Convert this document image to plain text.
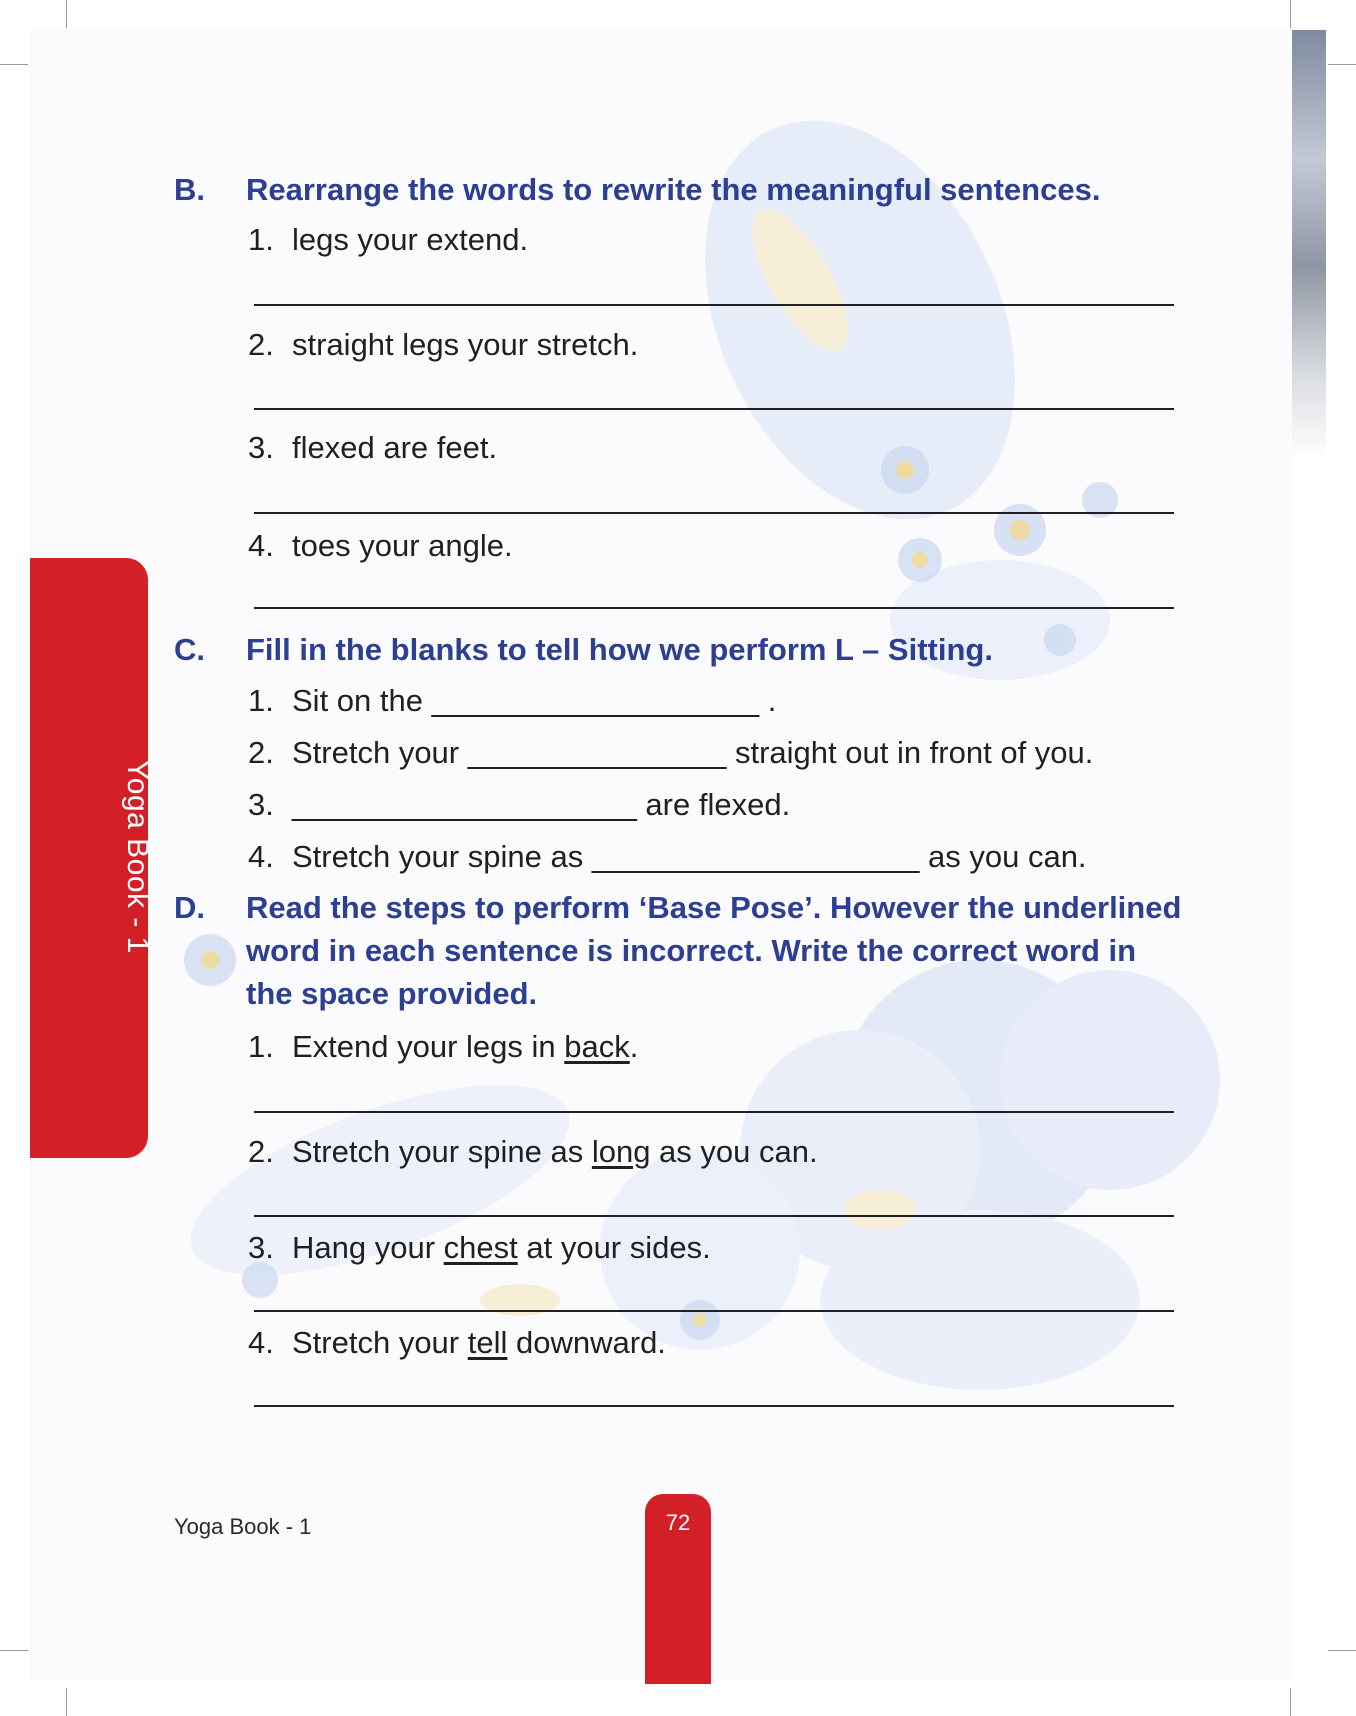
Yoga Book - 1
B. Rearrange the words to rewrite the meaningful sentences.
1. legs your extend.
2. straight legs your stretch.
3. flexed are feet.
4. toes your angle.
C. Fill in the blanks to tell how we perform L – Sitting.
1. Sit on the ___________________ .
2. Stretch your _______________ straight out in front of you.
3. ____________________ are flexed.
4. Stretch your spine as ___________________ as you can.
D. Read the steps to perform ‘Base Pose’. However the underlined word in each sentence is incorrect. Write the correct word in the space provided.
1. Extend your legs in back.
2. Stretch your spine as long as you can.
3. Hang your chest at your sides.
4. Stretch your tell downward.
Yoga Book - 1	72
